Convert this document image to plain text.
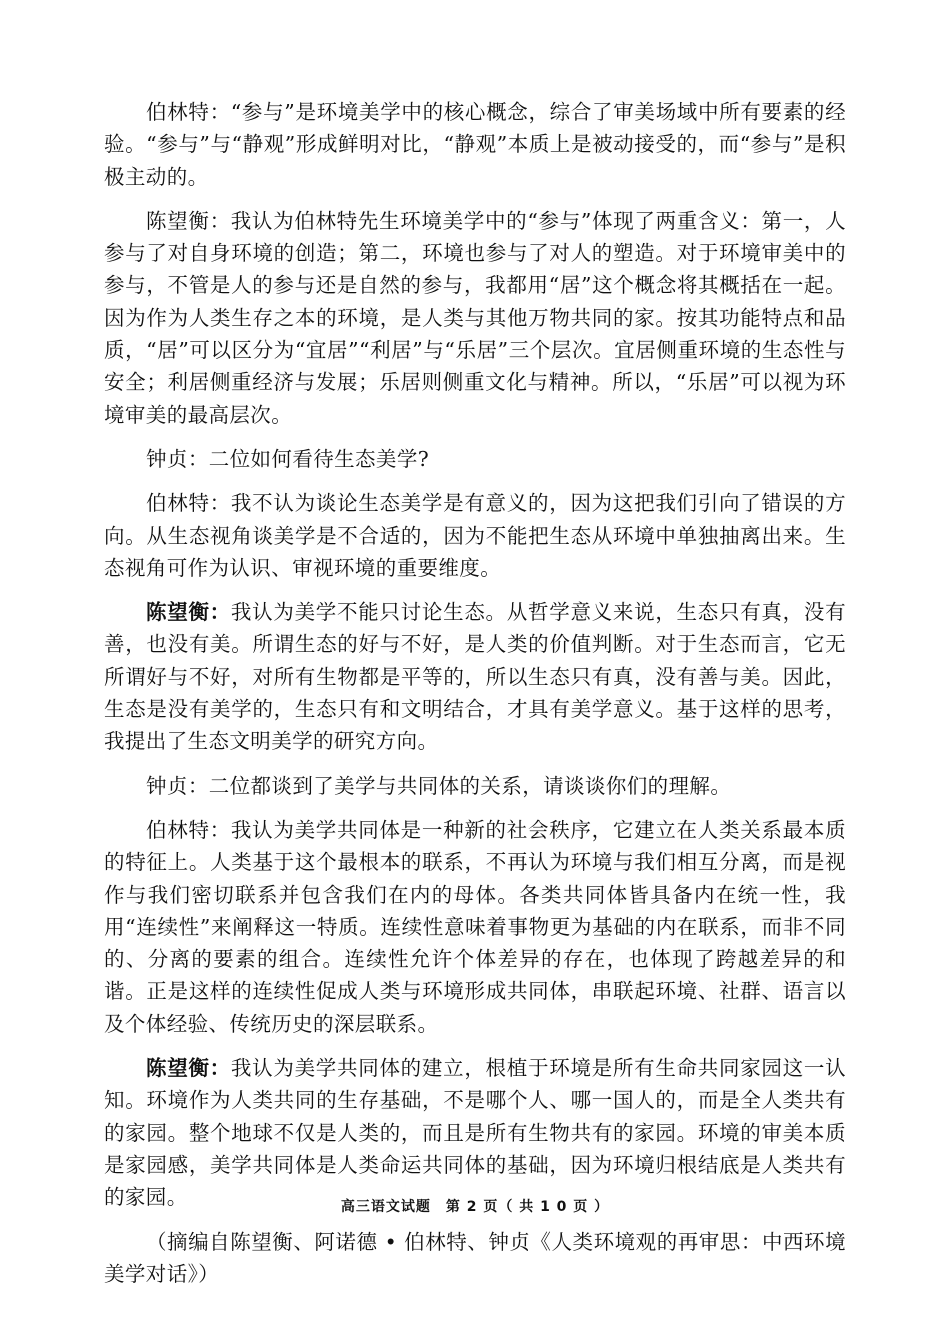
伯林特：“参与”是环境美学中的核心概念，综合了审美场域中所有要素的经验。“参与”与“静观”形成鲜明对比，“静观”本质上是被动接受的，而“参与”是积极主动的。

陈望衡：我认为伯林特先生环境美学中的“参与”体现了两重含义：第一，人参与了对自身环境的创造；第二，环境也参与了对人的塑造。对于环境审美中的参与，不管是人的参与还是自然的参与，我都用“居”这个概念将其概括在一起。因为作为人类生存之本的环境，是人类与其他万物共同的家。按其功能特点和品质，“居”可以区分为“宜居”“利居”与“乐居”三个层次。宜居侧重环境的生态性与安全；利居侧重经济与发展；乐居则侧重文化与精神。所以，“乐居”可以视为环境审美的最高层次。

钟贞：二位如何看待生态美学?

伯林特：我不认为谈论生态美学是有意义的，因为这把我们引向了错误的方向。从生态视角谈美学是不合适的，因为不能把生态从环境中单独抽离出来。生态视角可作为认识、审视环境的重要维度。

陈望衡：我认为美学不能只讨论生态。从哲学意义来说，生态只有真，没有善，也没有美。所谓生态的好与不好，是人类的价值判断。对于生态而言，它无所谓好与不好，对所有生物都是平等的，所以生态只有真，没有善与美。因此，生态是没有美学的，生态只有和文明结合，才具有美学意义。基于这样的思考，我提出了生态文明美学的研究方向。

钟贞：二位都谈到了美学与共同体的关系，请谈谈你们的理解。

伯林特：我认为美学共同体是一种新的社会秩序，它建立在人类关系最本质的特征上。人类基于这个最根本的联系，不再认为环境与我们相互分离，而是视作与我们密切联系并包含我们在内的母体。各类共同体皆具备内在统一性，我用“连续性”来阐释这一特质。连续性意味着事物更为基础的内在联系，而非不同的、分离的要素的组合。连续性允许个体差异的存在，也体现了跨越差异的和谐。正是这样的连续性促成人类与环境形成共同体，串联起环境、社群、语言以及个体经验、传统历史的深层联系。

陈望衡：我认为美学共同体的建立，根植于环境是所有生命共同家园这一认知。环境作为人类共同的生存基础，不是哪个人、哪一国人的，而是全人类共有的家园。整个地球不仅是人类的，而且是所有生物共有的家园。环境的审美本质是家园感，美学共同体是人类命运共同体的基础，因为环境归根结底是人类共有的家园。

（摘编自陈望衡、阿诺德 • 伯林特、钟贞《人类环境观的再审思：中西环境美学对话》）

高三语文试题　第 2 页（ 共 1 0 页 ）
